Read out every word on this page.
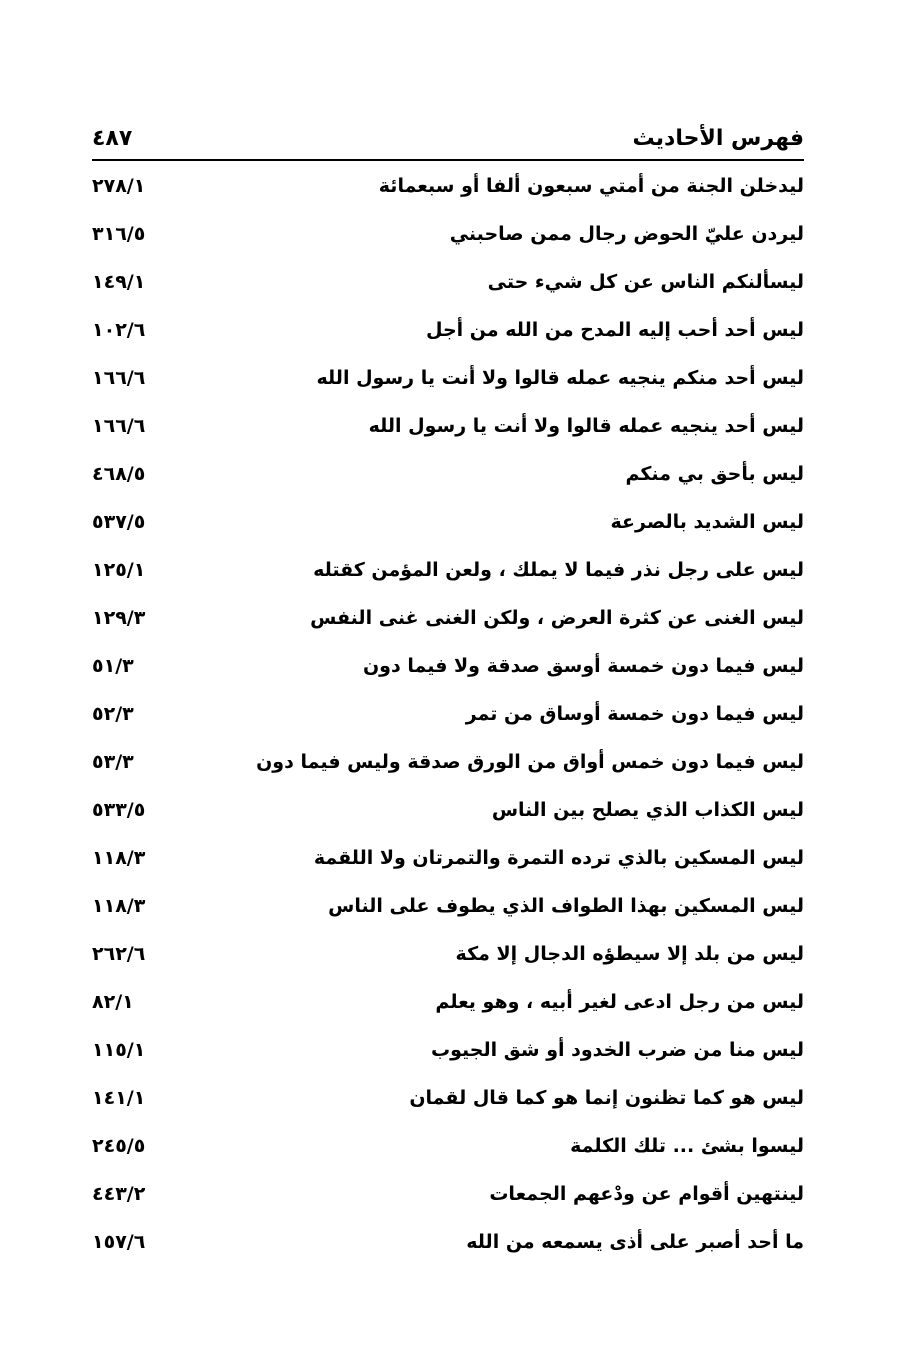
فهرس الأحاديث
٤٨٧
ليدخلن الجنة من أمتي سبعون ألفا أو سبعمائة
٢٧٨/١
ليردن عليّ الحوض رجال ممن صاحبني
٣١٦/٥
ليسألنكم الناس عن كل شيء حتى
١٤٩/١
ليس أحد أحب إليه المدح من الله من أجل
١٠٢/٦
ليس أحد منكم ينجيه عمله قالوا ولا أنت يا رسول الله
١٦٦/٦
ليس أحد ينجيه عمله قالوا ولا أنت يا رسول الله
١٦٦/٦
ليس بأحق بي منكم
٤٦٨/٥
ليس الشديد بالصرعة
٥٣٧/٥
ليس على رجل نذر فيما لا يملك ، ولعن المؤمن كقتله
١٢٥/١
ليس الغنى عن كثرة العرض ، ولكن الغنى غنى النفس
١٢٩/٣
ليس فيما دون خمسة أوسق صدقة ولا فيما دون
٥١/٣
ليس فيما دون خمسة أوساق من تمر
٥٢/٣
ليس فيما دون خمس أواق من الورق صدقة وليس فيما دون
٥٣/٣
ليس الكذاب الذي يصلح بين الناس
٥٣٣/٥
ليس المسكين بالذي ترده التمرة والتمرتان ولا اللقمة
١١٨/٣
ليس المسكين بهذا الطواف الذي يطوف على الناس
١١٨/٣
ليس من بلد إلا سيطؤه الدجال إلا مكة
٢٦٢/٦
ليس من رجل ادعى لغير أبيه ، وهو يعلم
٨٢/١
ليس منا من ضرب الخدود أو شق الجيوب
١١٥/١
ليس هو كما تظنون إنما هو كما قال لقمان
١٤١/١
ليسوا بشئ ... تلك الكلمة
٢٤٥/٥
لينتهين أقوام عن ودْعهم الجمعات
٤٤٣/٢
ما أحد أصبر على أذى يسمعه من الله
١٥٧/٦
